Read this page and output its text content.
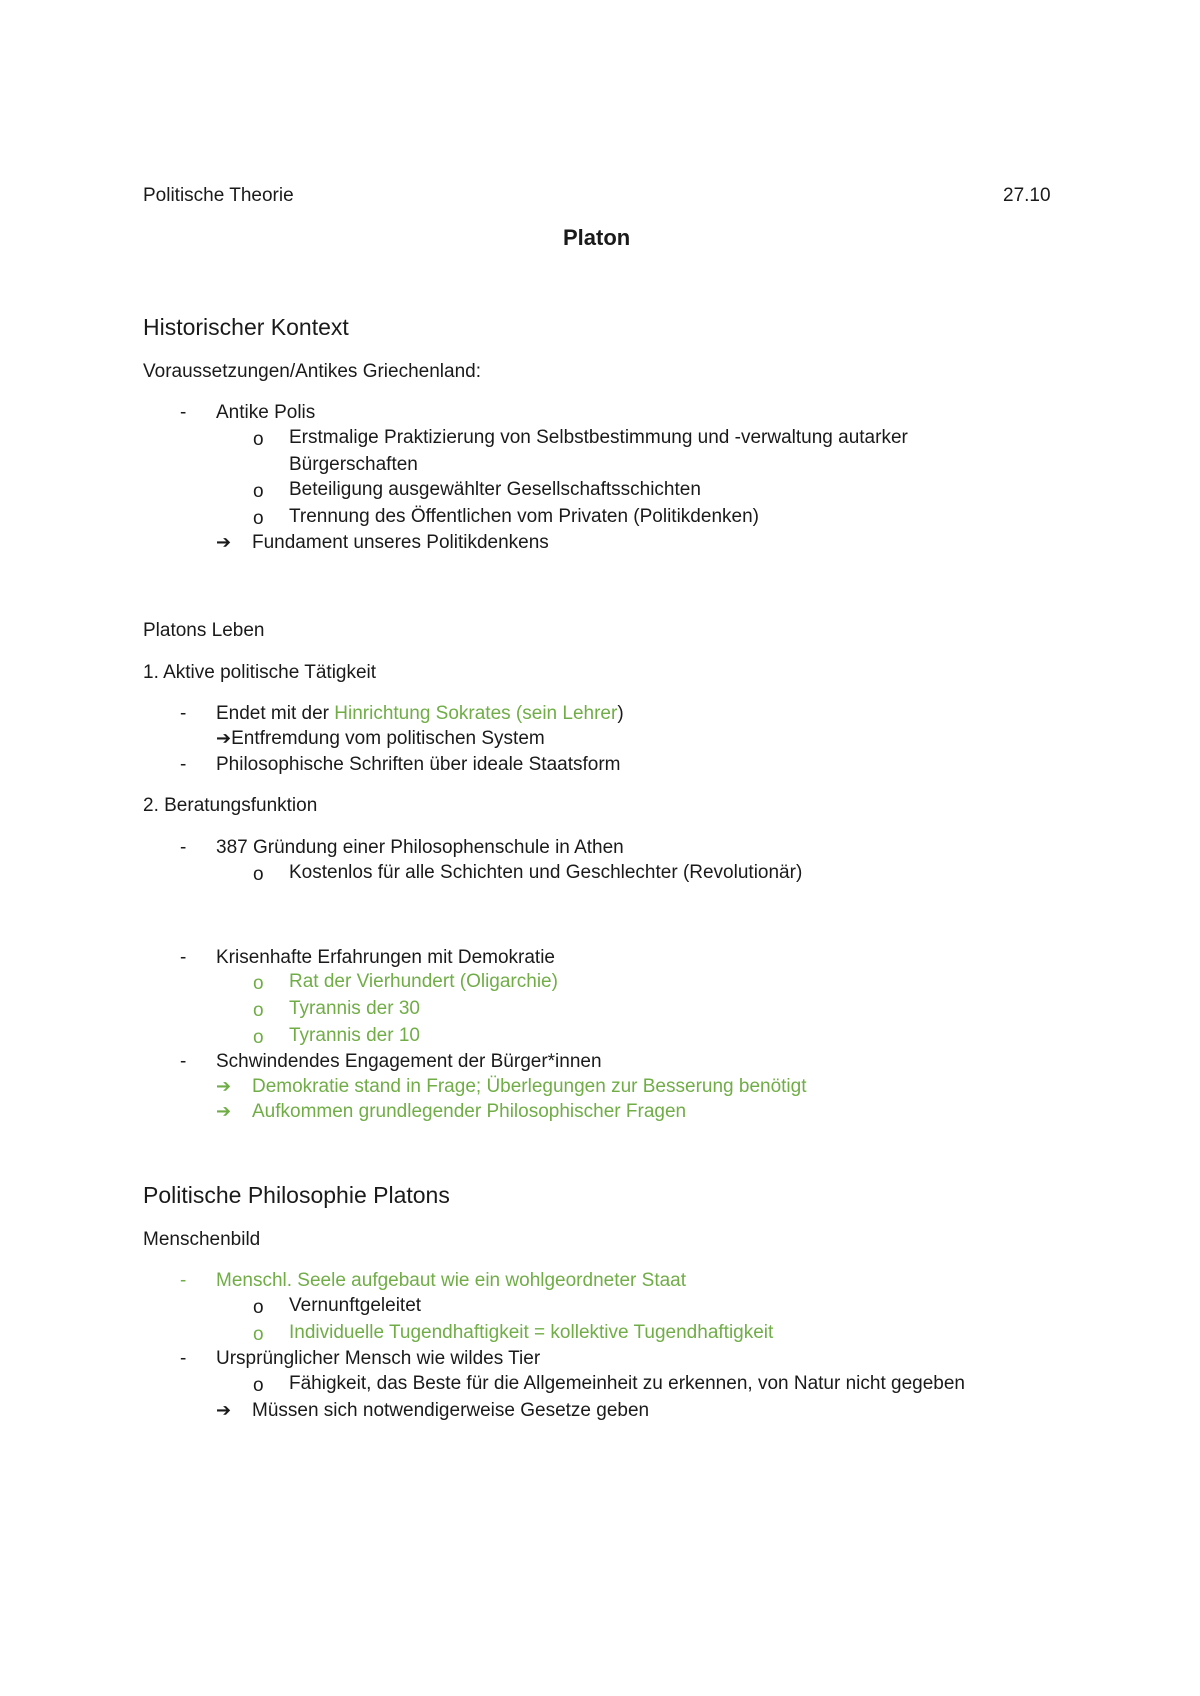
Politische Theorie	27.10
Platon
Historischer Kontext
Voraussetzungen/Antikes Griechenland:
- Antike Polis
o Erstmalige Praktizierung von Selbstbestimmung und -verwaltung autarker
Bürgerschaften
o Beteiligung ausgewählter Gesellschaftsschichten
o Trennung des Öffentlichen vom Privaten (Politikdenken)
➔ Fundament unseres Politikdenkens
Platons Leben
1. Aktive politische Tätigkeit
- Endet mit der Hinrichtung Sokrates (sein Lehrer)
➔Entfremdung vom politischen System
- Philosophische Schriften über ideale Staatsform
2. Beratungsfunktion
- 387 Gründung einer Philosophenschule in Athen
o Kostenlos für alle Schichten und Geschlechter (Revolutionär)
- Krisenhafte Erfahrungen mit Demokratie
o Rat der Vierhundert (Oligarchie)
o Tyrannis der 30
o Tyrannis der 10
- Schwindendes Engagement der Bürger*innen
➔ Demokratie stand in Frage; Überlegungen zur Besserung benötigt
➔ Aufkommen grundlegender Philosophischer Fragen
Politische Philosophie Platons
Menschenbild
- Menschl. Seele aufgebaut wie ein wohlgeordneter Staat
o Vernunftgeleitet
o Individuelle Tugendhaftigkeit = kollektive Tugendhaftigkeit
- Ursprünglicher Mensch wie wildes Tier
o Fähigkeit, das Beste für die Allgemeinheit zu erkennen, von Natur nicht gegeben
➔ Müssen sich notwendigerweise Gesetze geben
